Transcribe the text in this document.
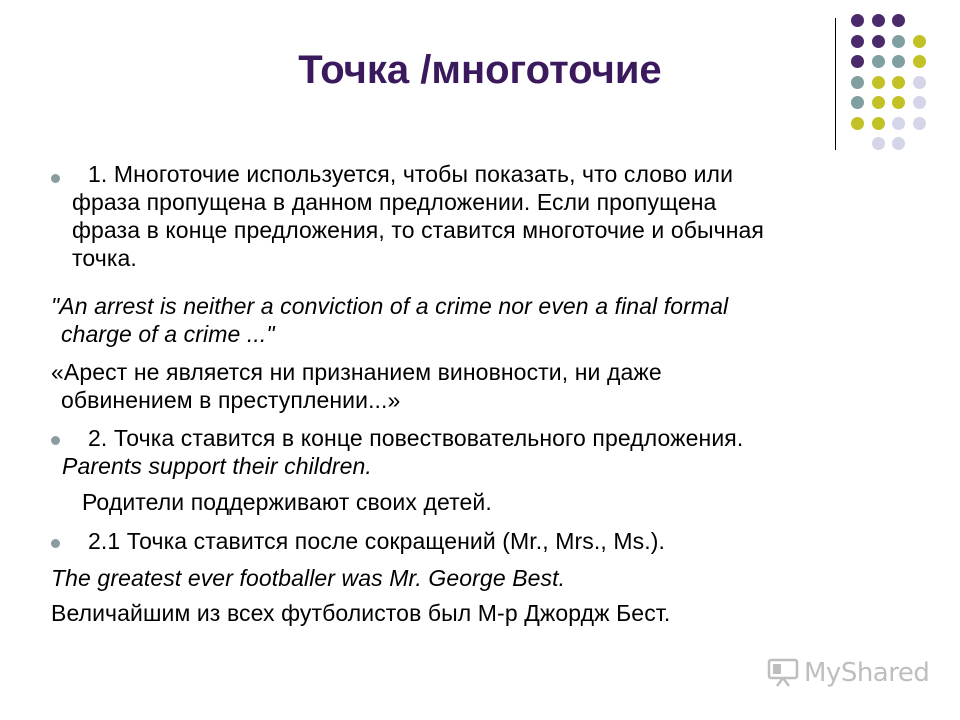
Точка /многоточие
1. Многоточие используется, чтобы показать, что слово или
фраза пропущена в данном предложении. Если пропущена
фраза в конце предложения, то ставится многоточие и обычная
точка.
"An arrest is neither a conviction of a crime nor even a final formal
charge of a crime ..."
«Арест не является ни признанием виновности, ни даже
обвинением в преступлении...»
2. Точка ставится в конце повествовательного предложения.
Parents support their children.
Родители поддерживают своих детей.
2.1 Точка ставится после сокращений (Mr., Mrs., Ms.).
The greatest ever footballer was Mr. George Best.
Величайшим из всех футболистов был М-р Джордж Бест.
MyShared
